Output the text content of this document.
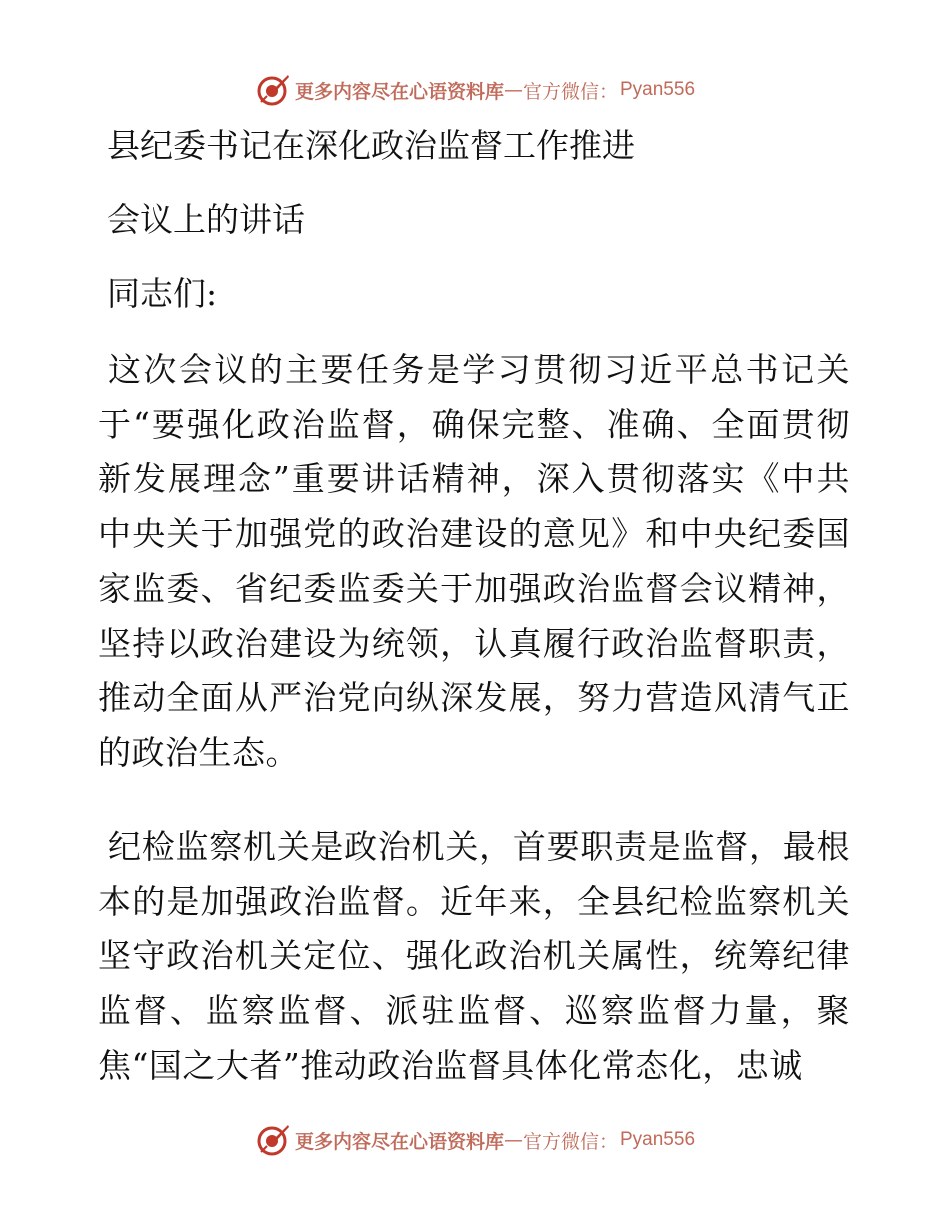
更多内容尽在心语资料库 — 官方微信： Pyan556
县纪委书记在深化政治监督工作推进
会议上的讲话
同志们:

这次会议的主要任务是学习贯彻习近平总书记关于“要强化政治监督，确保完整、准确、全面贯彻新发展理念”重要讲话精神，深入贯彻落实《中共中央关于加强党的政治建设的意见》和中央纪委国家监委、省纪委监委关于加强政治监督会议精神，坚持以政治建设为统领，认真履行政治监督职责，推动全面从严治党向纵深发展，努力营造风清气正的政治生态。

纪检监察机关是政治机关，首要职责是监督，最根本的是加强政治监督。近年来，全县纪检监察机关坚守政治机关定位、强化政治机关属性，统筹纪律监督、监察监督、派驻监督、巡察监督力量，聚焦“国之大者”推动政治监督具体化常态化，忠诚

更多内容尽在心语资料库 — 官方微信： Pyan556
